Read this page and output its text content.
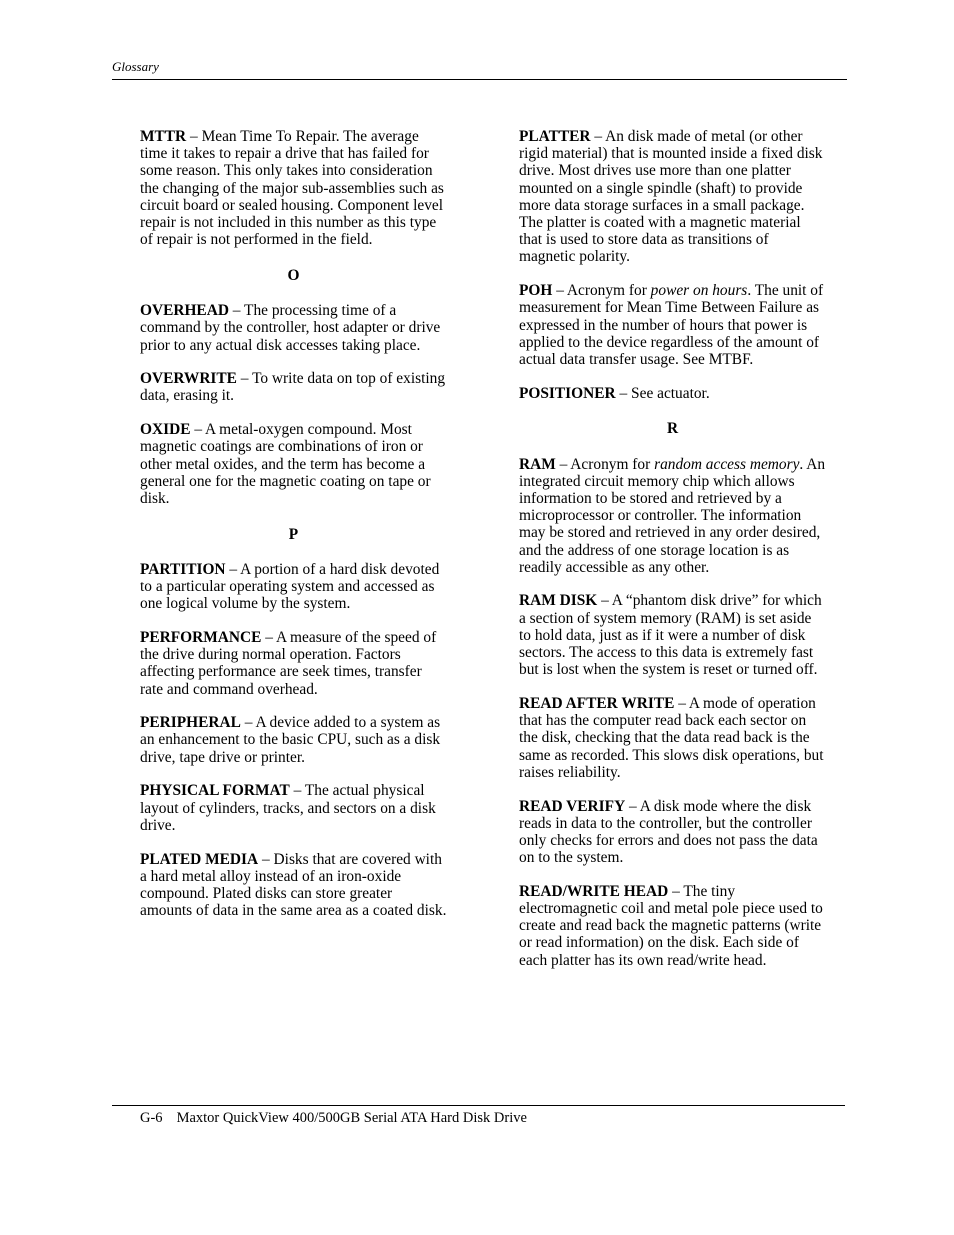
Glossary

MTTR – Mean Time To Repair. The average time it takes to repair a drive that has failed for some reason. This only takes into consideration the changing of the major sub-assemblies such as circuit board or sealed housing. Component level repair is not included in this number as this type of repair is not performed in the field.

O

OVERHEAD – The processing time of a command by the controller, host adapter or drive prior to any actual disk accesses taking place.

OVERWRITE – To write data on top of existing data, erasing it.

OXIDE – A metal-oxygen compound. Most magnetic coatings are combinations of iron or other metal oxides, and the term has become a general one for the magnetic coating on tape or disk.

P

PARTITION – A portion of a hard disk devoted to a particular operating system and accessed as one logical volume by the system.

PERFORMANCE – A measure of the speed of the drive during normal operation. Factors affecting performance are seek times, transfer rate and command overhead.

PERIPHERAL – A device added to a system as an enhancement to the basic CPU, such as a disk drive, tape drive or printer.

PHYSICAL FORMAT – The actual physical layout of cylinders, tracks, and sectors on a disk drive.

PLATED MEDIA – Disks that are covered with a hard metal alloy instead of an iron-oxide compound. Plated disks can store greater amounts of data in the same area as a coated disk.

PLATTER – An disk made of metal (or other rigid material) that is mounted inside a fixed disk drive. Most drives use more than one platter mounted on a single spindle (shaft) to provide more data storage surfaces in a small package. The platter is coated with a magnetic material that is used to store data as transitions of magnetic polarity.

POH – Acronym for power on hours. The unit of measurement for Mean Time Between Failure as expressed in the number of hours that power is applied to the device regardless of the amount of actual data transfer usage. See MTBF.

POSITIONER – See actuator.

R

RAM – Acronym for random access memory. An integrated circuit memory chip which allows information to be stored and retrieved by a microprocessor or controller. The information may be stored and retrieved in any order desired, and the address of one storage location is as readily accessible as any other.

RAM DISK – A “phantom disk drive” for which a section of system memory (RAM) is set aside to hold data, just as if it were a number of disk sectors. The access to this data is extremely fast but is lost when the system is reset or turned off.

READ AFTER WRITE – A mode of operation that has the computer read back each sector on the disk, checking that the data read back is the same as recorded. This slows disk operations, but raises reliability.

READ VERIFY – A disk mode where the disk reads in data to the controller, but the controller only checks for errors and does not pass the data on to the system.

READ/WRITE HEAD – The tiny electromagnetic coil and metal pole piece used to create and read back the magnetic patterns (write or read information) on the disk. Each side of each platter has its own read/write head.

G-6 Maxtor QuickView 400/500GB Serial ATA Hard Disk Drive
